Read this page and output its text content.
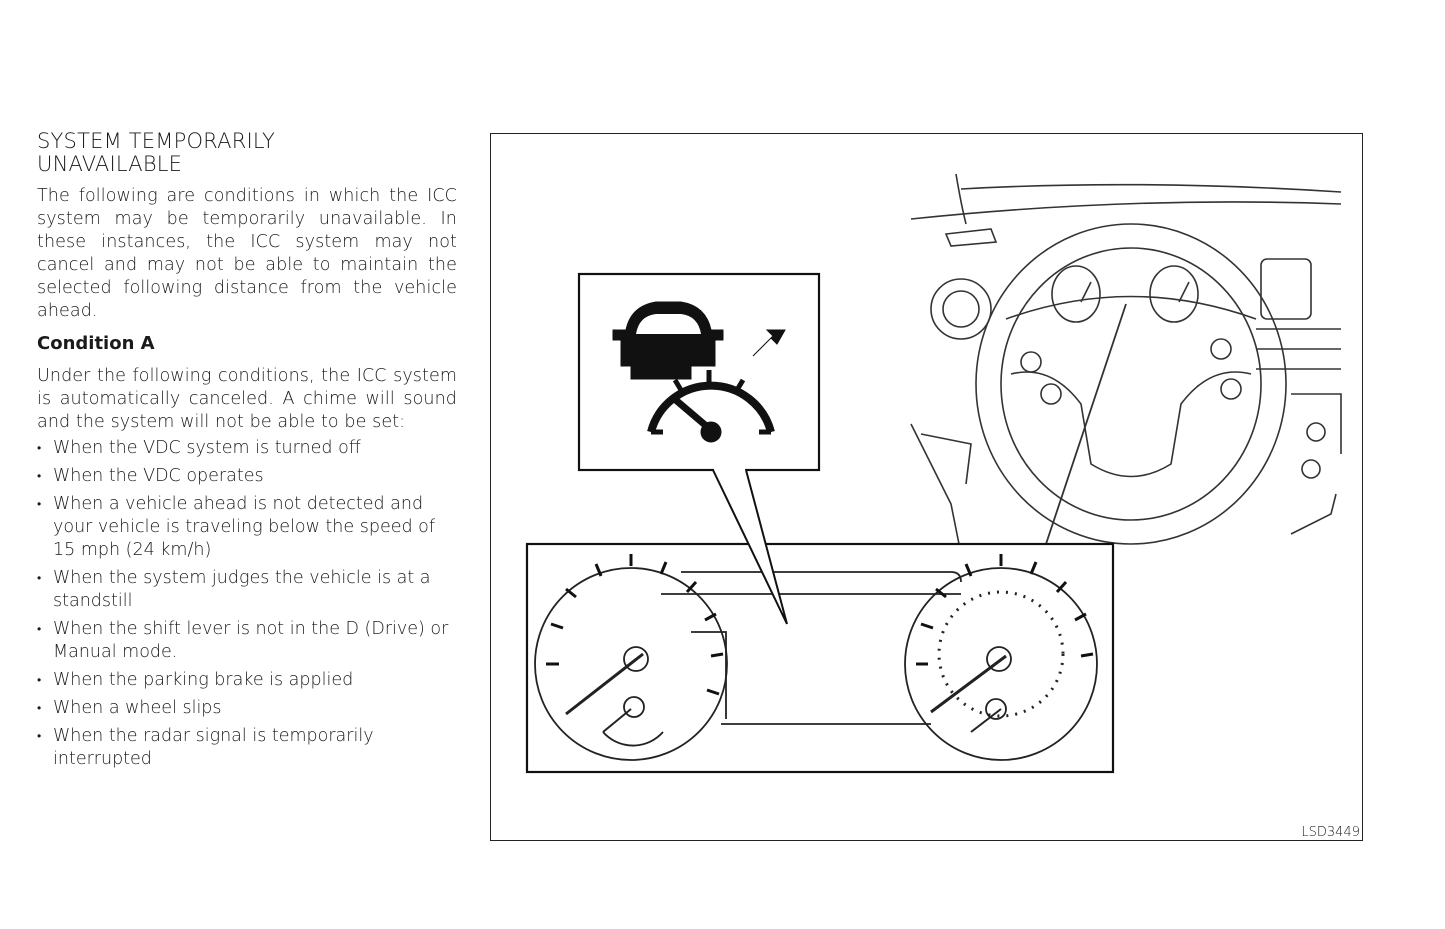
SYSTEM TEMPORARILY
UNAVAILABLE

The following are conditions in which the ICC system may be temporarily unavailable. In these instances, the ICC system may not cancel and may not be able to maintain the selected following distance from the vehicle ahead.

Condition A

Under the following conditions, the ICC system is automatically canceled. A chime will sound and the system will not be able to be set:

• When the VDC system is turned off
• When the VDC operates
• When a vehicle ahead is not detected and your vehicle is traveling below the speed of 15 mph (24 km/h)
• When the system judges the vehicle is at a standstill
• When the shift lever is not in the D (Drive) or Manual mode.
• When the parking brake is applied
• When a wheel slips
• When the radar signal is temporarily interrupted
LSD3449
